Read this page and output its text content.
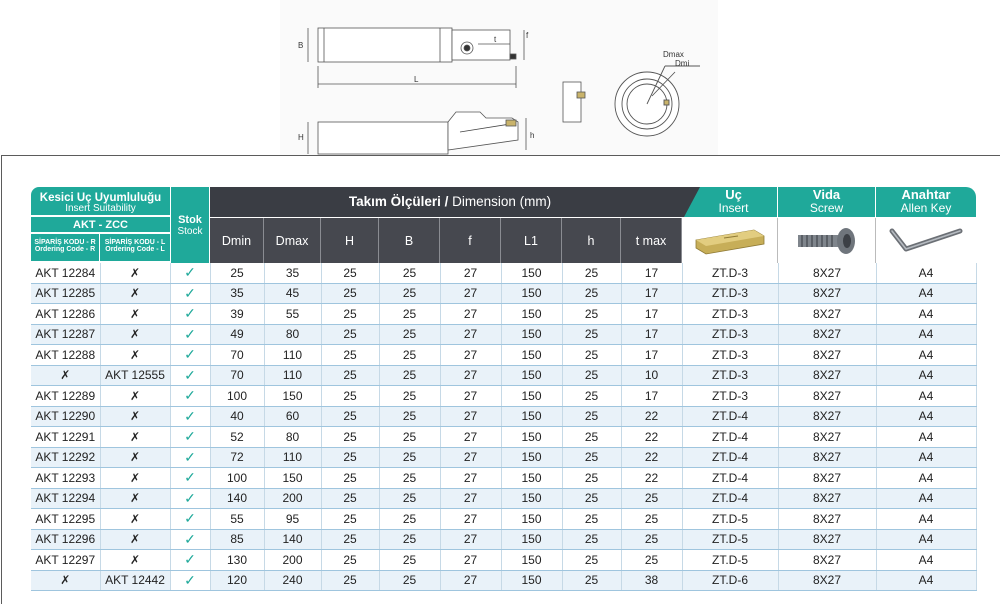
B
L
t	f
H	h
Dmax
Dmi
Kesici Uç Uyumluluğu
Insert Suitability
AKT - ZCC
SİPARİŞ KODU - R
Ordering Code - R
SİPARİŞ KODU - L
Ordering Code - L
Stok
Stock
Takım Ölçüleri / Dimension (mm)	Uç
Insert
Vida
Screw
Anahtar
Allen Key
Dmin Dmax	H	B	f	L1	h	t max
AKT 12284	✗	✓	25	35	25	25	27	150	25	17	ZT.D-3	8X27	A4
AKT 12285	✗	✓	35	45	25	25	27	150	25	17	ZT.D-3	8X27	A4
AKT 12286	✗	✓	39	55	25	25	27	150	25	17	ZT.D-3	8X27	A4
AKT 12287	✗	✓	49	80	25	25	27	150	25	17	ZT.D-3	8X27	A4
AKT 12288	✗	✓	70	110	25	25	27	150	25	17	ZT.D-3	8X27	A4
✗	AKT 12555	✓	70	110	25	25	27	150	25	10	ZT.D-3	8X27	A4
AKT 12289	✗	✓	100	150	25	25	27	150	25	17	ZT.D-3	8X27	A4
AKT 12290	✗	✓	40	60	25	25	27	150	25	22	ZT.D-4	8X27	A4
AKT 12291	✗	✓	52	80	25	25	27	150	25	22	ZT.D-4	8X27	A4
AKT 12292	✗	✓	72	110	25	25	27	150	25	22	ZT.D-4	8X27	A4
AKT 12293	✗	✓	100	150	25	25	27	150	25	22	ZT.D-4	8X27	A4
AKT 12294	✗	✓	140	200	25	25	27	150	25	25	ZT.D-4	8X27	A4
AKT 12295	✗	✓	55	95	25	25	27	150	25	25	ZT.D-5	8X27	A4
AKT 12296	✗	✓	85	140	25	25	27	150	25	25	ZT.D-5	8X27	A4
AKT 12297	✗	✓	130	200	25	25	27	150	25	25	ZT.D-5	8X27	A4
✗	AKT 12442	✓	120	240	25	25	27	150	25	38	ZT.D-6	8X27	A4
